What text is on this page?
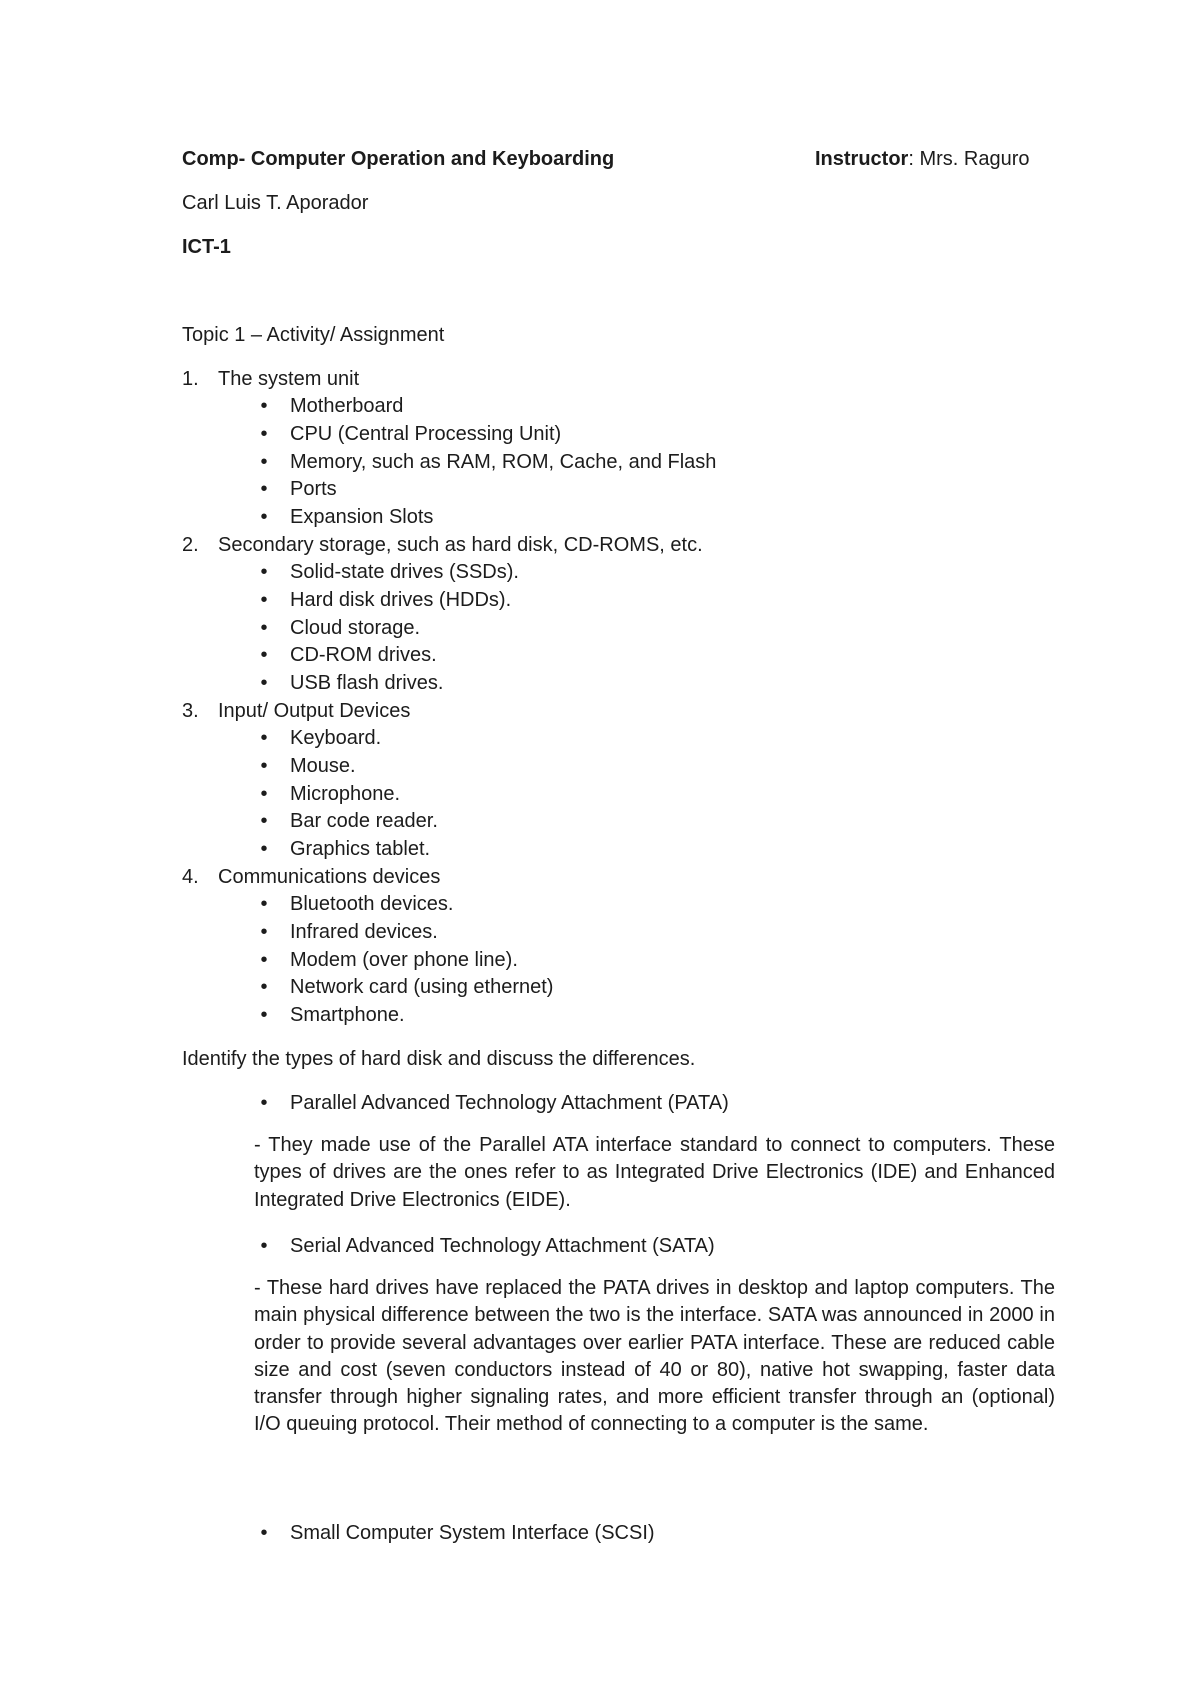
Comp- Computer Operation and Keyboarding	Instructor: Mrs. Raguro
Carl Luis T. Aporador
ICT-1
Topic 1 – Activity/ Assignment
1. The system unit
•	Motherboard
•	CPU (Central Processing Unit)
•	Memory, such as RAM, ROM, Cache, and Flash
•	Ports
•	Expansion Slots
2. Secondary storage, such as hard disk, CD-ROMS, etc.
•	Solid-state drives (SSDs).
•	Hard disk drives (HDDs).
•	Cloud storage.
•	CD-ROM drives.
•	USB flash drives.
3. Input/ Output Devices
•	Keyboard.
•	Mouse.
•	Microphone.
•	Bar code reader.
•	Graphics tablet.
4. Communications devices
•	Bluetooth devices.
•	Infrared devices.
•	Modem (over phone line).
•	Network card (using ethernet)
•	Smartphone.
Identify the types of hard disk and discuss the differences.
•	Parallel Advanced Technology Attachment (PATA)
- They made use of the Parallel ATA interface standard to connect to computers. These types of drives are the ones refer to as Integrated Drive Electronics (IDE) and Enhanced Integrated Drive Electronics (EIDE).
•	Serial Advanced Technology Attachment (SATA)
- These hard drives have replaced the PATA drives in desktop and laptop computers. The main physical difference between the two is the interface. SATA was announced in 2000 in order to provide several advantages over earlier PATA interface. These are reduced cable size and cost (seven conductors instead of 40 or 80), native hot swapping, faster data transfer through higher signaling rates, and more efficient transfer through an (optional) I/O queuing protocol. Their method of connecting to a computer is the same.
•	Small Computer System Interface (SCSI)
